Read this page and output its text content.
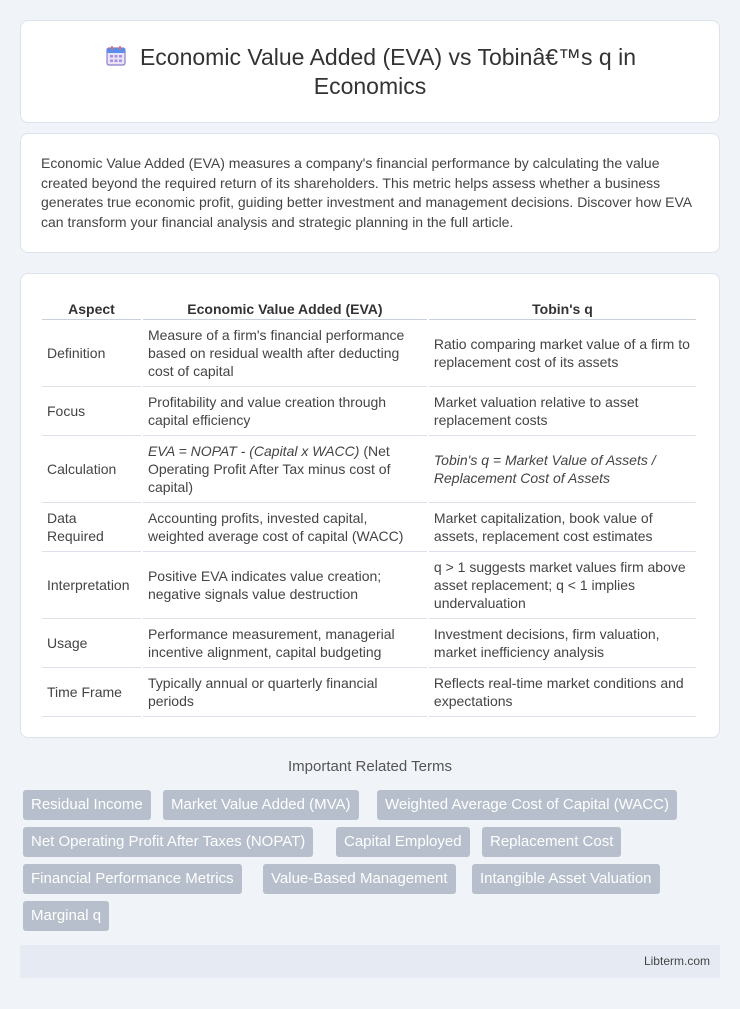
Economic Value Added (EVA) vs Tobinâ€™s q in Economics

Economic Value Added (EVA) measures a company's financial performance by calculating the value created beyond the required return of its shareholders. This metric helps assess whether a business generates true economic profit, guiding better investment and management decisions. Discover how EVA can transform your financial analysis and strategic planning in the full article.

Aspect	Economic Value Added (EVA)	Tobin's q
Definition	Measure of a firm's financial performance based on residual wealth after deducting cost of capital	Ratio comparing market value of a firm to replacement cost of its assets
Focus	Profitability and value creation through capital efficiency	Market valuation relative to asset replacement costs
Calculation	EVA = NOPAT - (Capital x WACC) (Net Operating Profit After Tax minus cost of capital)	Tobin's q = Market Value of Assets / Replacement Cost of Assets
Data Required	Accounting profits, invested capital, weighted average cost of capital (WACC)	Market capitalization, book value of assets, replacement cost estimates
Interpretation	Positive EVA indicates value creation; negative signals value destruction	q > 1 suggests market values firm above asset replacement; q < 1 implies undervaluation
Usage	Performance measurement, managerial incentive alignment, capital budgeting	Investment decisions, firm valuation, market inefficiency analysis
Time Frame	Typically annual or quarterly financial periods	Reflects real-time market conditions and expectations
Important Related Terms
Residual Income	Market Value Added (MVA)	Weighted Average Cost of Capital (WACC)
Net Operating Profit After Taxes (NOPAT)	Capital Employed	Replacement Cost
Financial Performance Metrics	Value-Based Management	Intangible Asset Valuation
Marginal q
Libterm.com
